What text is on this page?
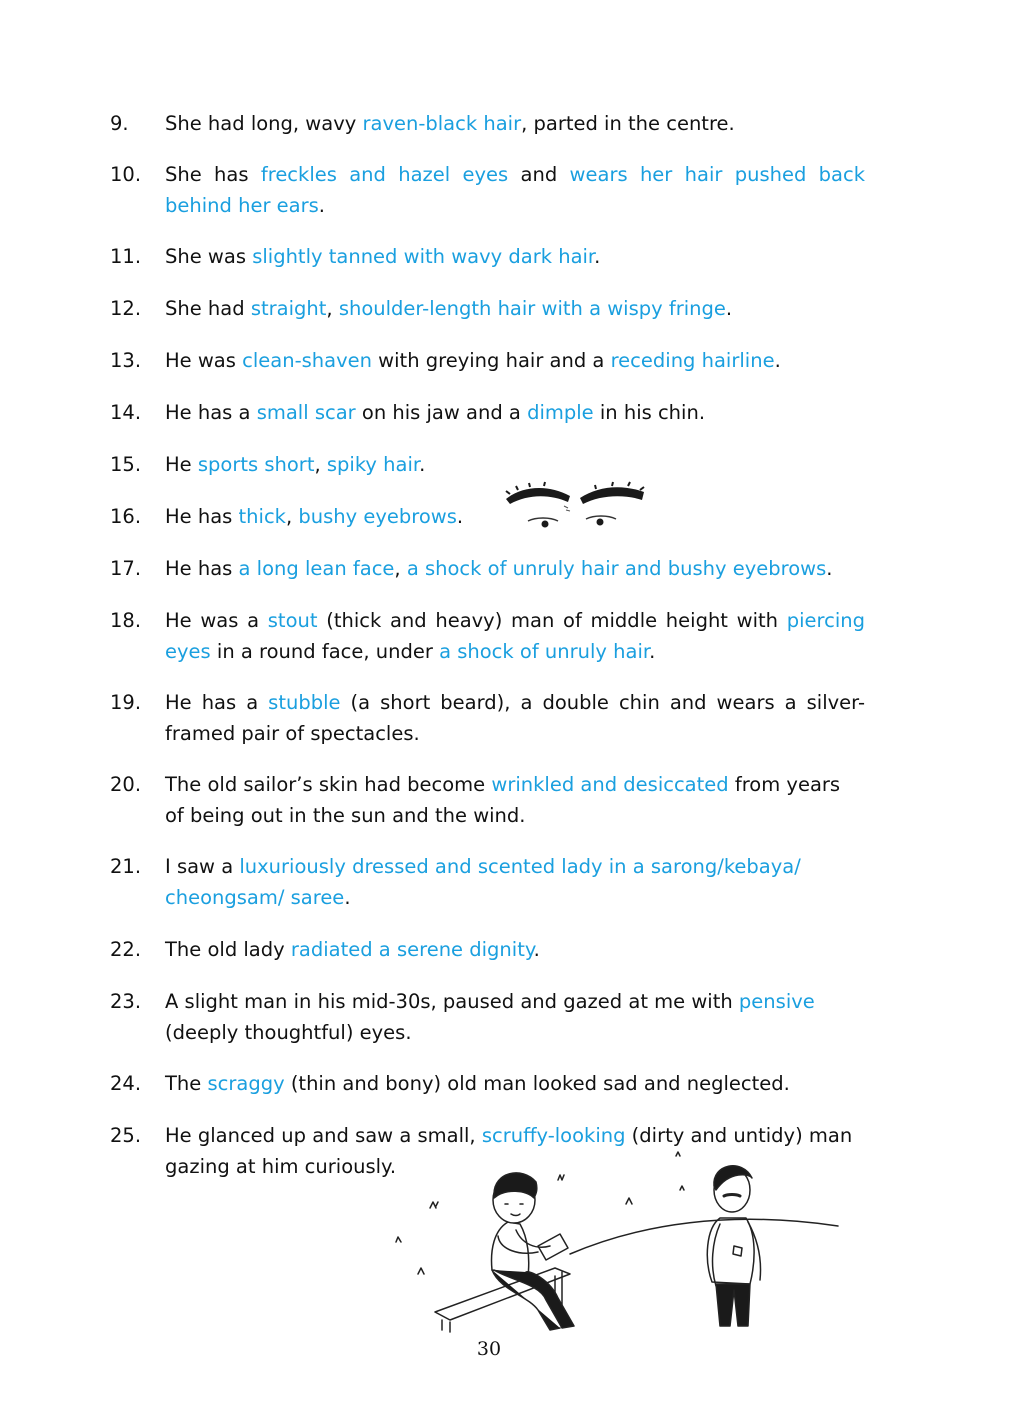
9. She had long, wavy raven-black hair, parted in the centre.
10. She has freckles and hazel eyes and wears her hair pushed back behind her ears.
11. She was slightly tanned with wavy dark hair.
12. She had straight, shoulder-length hair with a wispy fringe.
13. He was clean-shaven with greying hair and a receding hairline.
14. He has a small scar on his jaw and a dimple in his chin.
15. He sports short, spiky hair.
16. He has thick, bushy eyebrows.
17. He has a long lean face, a shock of unruly hair and bushy eyebrows.
18. He was a stout (thick and heavy) man of middle height with piercing eyes in a round face, under a shock of unruly hair.
19. He has a stubble (a short beard), a double chin and wears a silver-framed pair of spectacles.
20. The old sailor’s skin had become wrinkled and desiccated from years of being out in the sun and the wind.
21. I saw a luxuriously dressed and scented lady in a sarong/kebaya/ cheongsam/ saree.
22. The old lady radiated a serene dignity.
23. A slight man in his mid-30s, paused and gazed at me with pensive (deeply thoughtful) eyes.
24. The scraggy (thin and bony) old man looked sad and neglected.
25. He glanced up and saw a small, scruffy-looking (dirty and untidy) man gazing at him curiously.
30
